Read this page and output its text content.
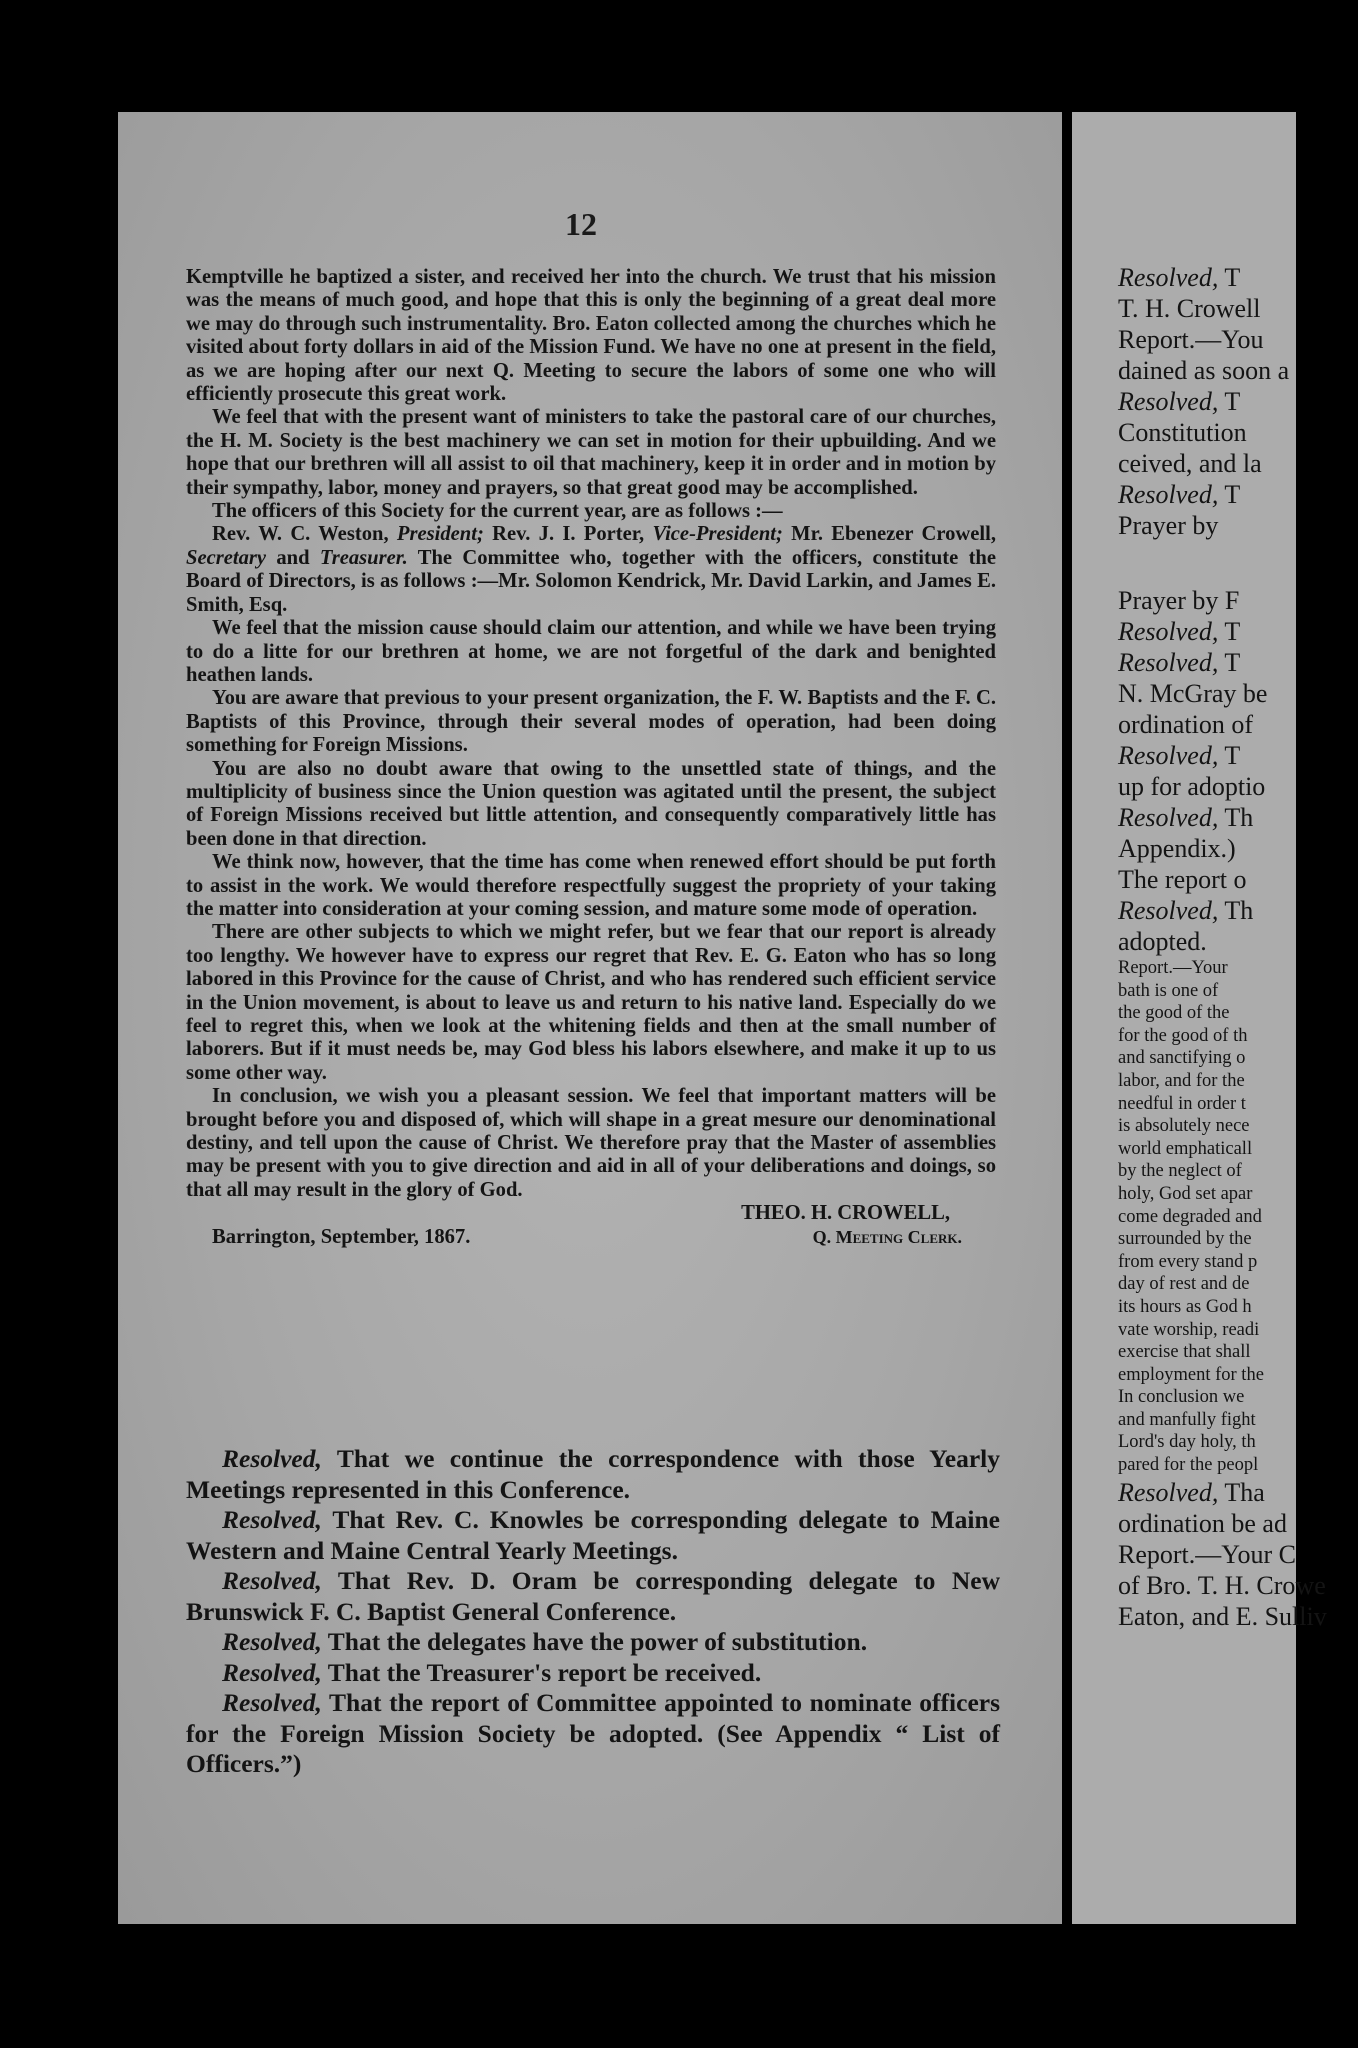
Resolved, T
T. H. Crowell
Report.—You
dained as soon a
Resolved, T
Constitution
ceived, and la
Resolved, T
Prayer by
Prayer by F
Resolved, T
Resolved, T
N. McGray be
ordination of
Resolved, T
up for adoptio
Resolved, Th
Appendix.)
The report o
Resolved, Th
adopted.
Report.—Your
bath is one of
the good of the
for the good of th
and sanctifying o
labor, and for the
needful in order t
is absolutely nece
world emphaticall
by the neglect of
holy, God set apar
come degraded and
surrounded by the
from every stand p
day of rest and de
its hours as God h
vate worship, readi
exercise that shall
employment for the
In conclusion we
and manfully fight
Lord's day holy, th
pared for the peopl
Resolved, Tha
ordination be ad
Report.—Your C
of Bro. T. H. Crowe
Eaton, and E. Sulliv
12

Kemptville he baptized a sister, and received her into the church. We trust that his mission was the means of much good, and hope that this is only the beginning of a great deal more we may do through such instrumentality. Bro. Eaton collected among the churches which he visited about forty dollars in aid of the Mission Fund. We have no one at present in the field, as we are hoping after our next Q. Meeting to secure the labors of some one who will efficiently prosecute this great work.

We feel that with the present want of ministers to take the pastoral care of our churches, the H. M. Society is the best machinery we can set in motion for their upbuilding. And we hope that our brethren will all assist to oil that machinery, keep it in order and in motion by their sympathy, labor, money and prayers, so that great good may be accomplished.

The officers of this Society for the current year, are as follows :—

Rev. W. C. Weston, President; Rev. J. I. Porter, Vice-President; Mr. Ebenezer Crowell, Secretary and Treasurer. The Committee who, together with the officers, constitute the Board of Directors, is as follows :—Mr. Solomon Kendrick, Mr. David Larkin, and James E. Smith, Esq.

We feel that the mission cause should claim our attention, and while we have been trying to do a litte for our brethren at home, we are not forgetful of the dark and benighted heathen lands.

You are aware that previous to your present organization, the F. W. Baptists and the F. C. Baptists of this Province, through their several modes of operation, had been doing something for Foreign Missions.

You are also no doubt aware that owing to the unsettled state of things, and the multiplicity of business since the Union question was agitated until the present, the subject of Foreign Missions received but little attention, and consequently comparatively little has been done in that direction.

We think now, however, that the time has come when renewed effort should be put forth to assist in the work. We would therefore respectfully suggest the propriety of your taking the matter into consideration at your coming session, and mature some mode of operation.

There are other subjects to which we might refer, but we fear that our report is already too lengthy. We however have to express our regret that Rev. E. G. Eaton who has so long labored in this Province for the cause of Christ, and who has rendered such efficient service in the Union movement, is about to leave us and return to his native land. Especially do we feel to regret this, when we look at the whitening fields and then at the small number of laborers. But if it must needs be, may God bless his labors elsewhere, and make it up to us some other way.

In conclusion, we wish you a pleasant session. We feel that important matters will be brought before you and disposed of, which will shape in a great mesure our denominational destiny, and tell upon the cause of Christ. We therefore pray that the Master of assemblies may be present with you to give direction and aid in all of your deliberations and doings, so that all may result in the glory of God.

THEO. H. CROWELL,
Barrington, September, 1867.	Q. Meeting Clerk.

Resolved, That we continue the correspondence with those Yearly Meetings represented in this Conference.

Resolved, That Rev. C. Knowles be corresponding delegate to Maine Western and Maine Central Yearly Meetings.

Resolved, That Rev. D. Oram be corresponding delegate to New Brunswick F. C. Baptist General Conference.

Resolved, That the delegates have the power of substitution.

Resolved, That the Treasurer's report be received.

Resolved, That the report of Committee appointed to nominate officers for the Foreign Mission Society be adopted. (See Appendix “ List of Officers.”)
